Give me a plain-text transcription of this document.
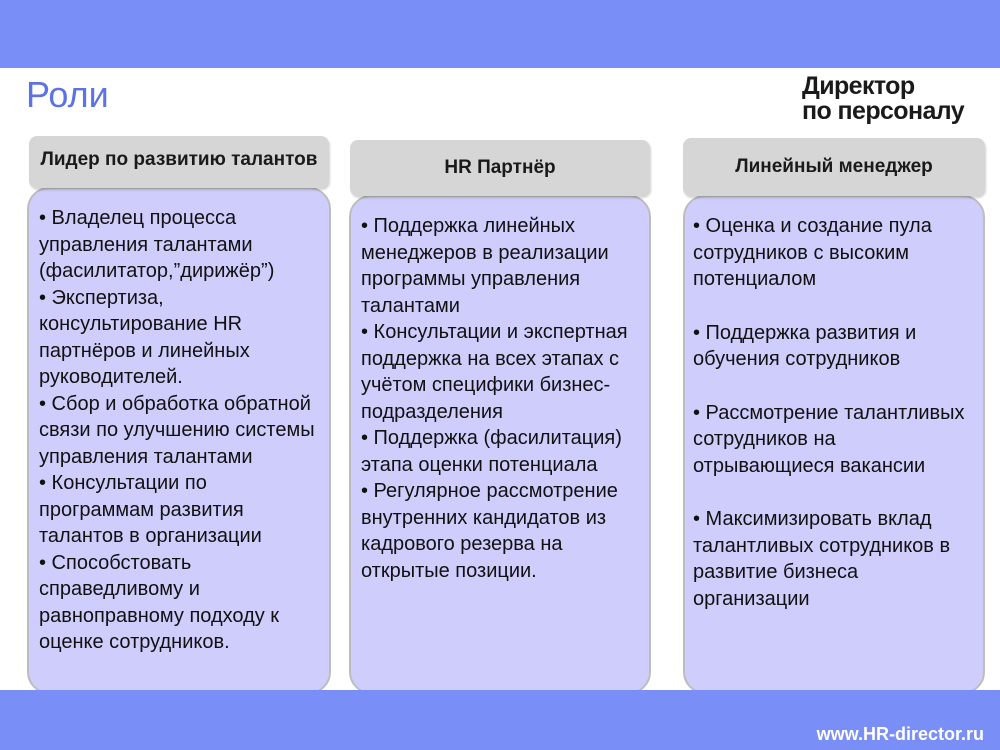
Роли	Директор
по персоналу
• Владелец процесса управления талантами (фасилитатор,”дирижёр”)
• Экспертиза, консультирование HR партнёров и линейных руководителей.
• Сбор и обработка обратной связи по улучшению системы управления талантами
• Консультации по программам развития талантов в организации
• Способстовать справедливому и равноправному подходу к оценке сотрудников.
Лидер по развитию талантов
• Поддержка линейных менеджеров в реализации программы управления талантами
• Консультации и экспертная поддержка на всех этапах с учётом специфики бизнес-подразделения
• Поддержка (фасилитация) этапа оценки потенциала
• Регулярное рассмотрение внутренних кандидатов из кадрового резерва на открытые позиции.
HR Партнёр
• Оценка и создание пула сотрудников с высоким потенциалом
• Поддержка развития и обучения сотрудников
• Рассмотрение талантливых сотрудников на отрывающиеся вакансии
• Максимизировать вклад талантливых сотрудников в развитие бизнеса организации
Линейный менеджер
www.HR-director.ru
